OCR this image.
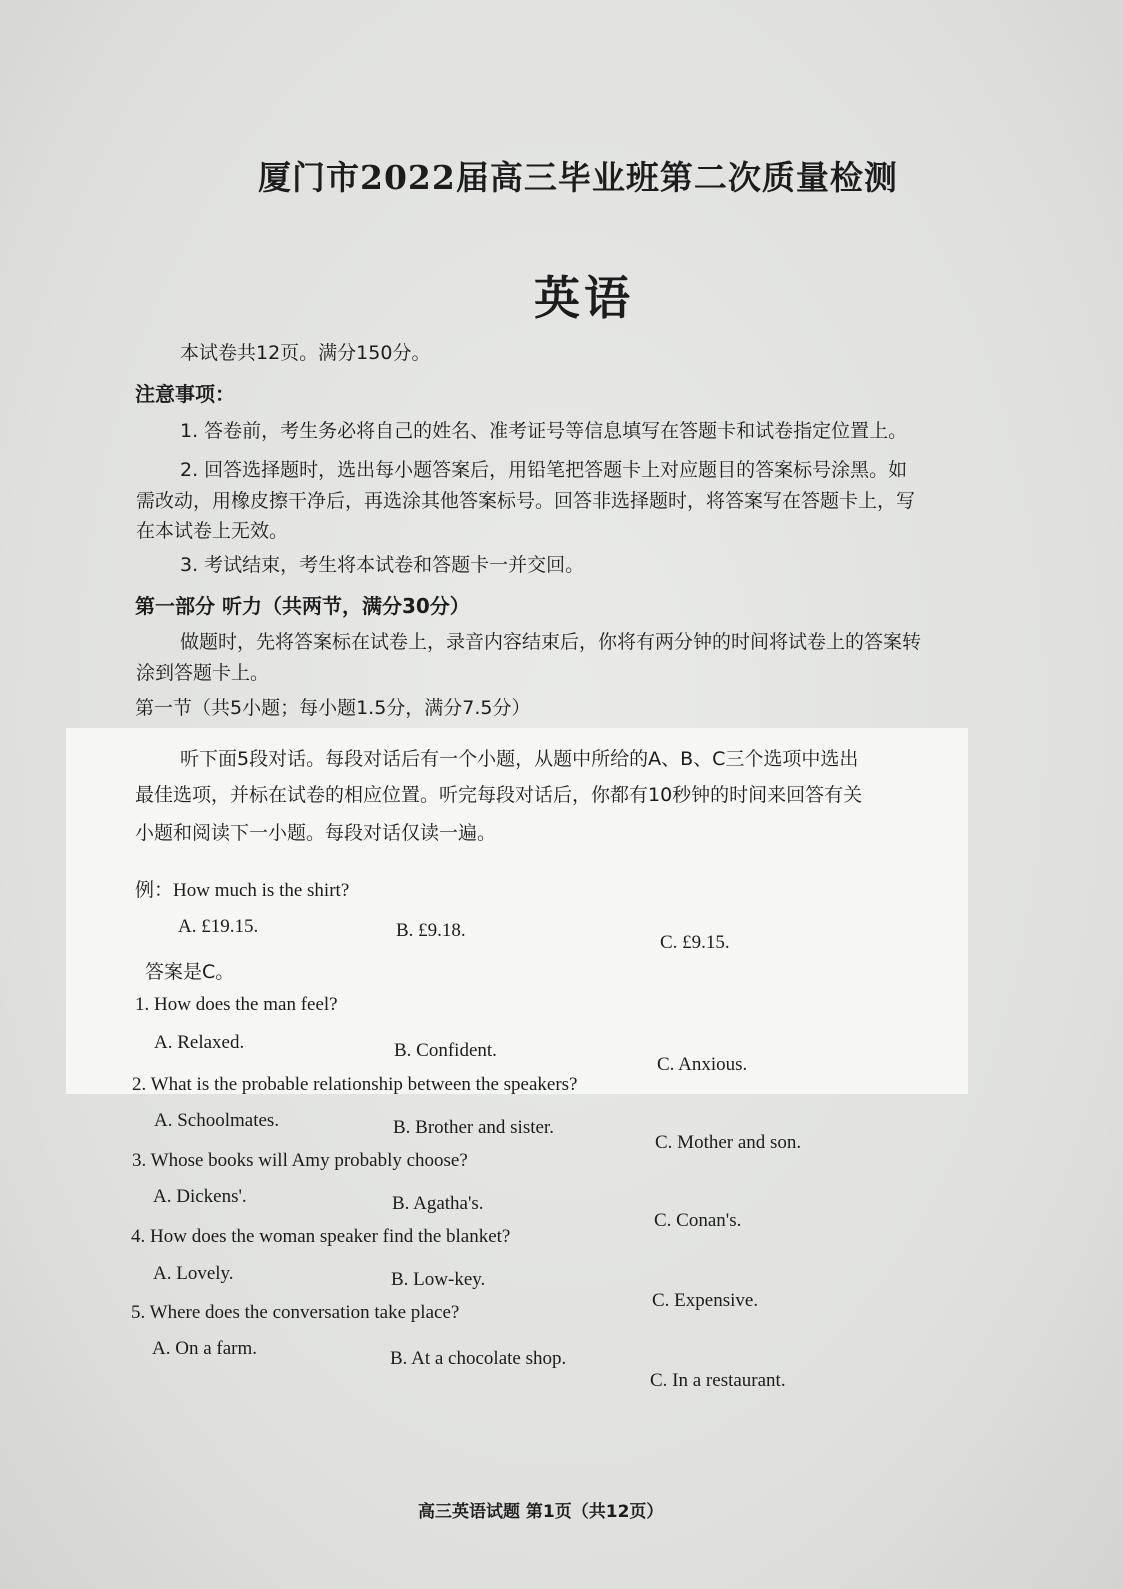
厦门市2022届高三毕业班第二次质量检测
英语
本试卷共12页。满分150分。
注意事项：
1. 答卷前，考生务必将自己的姓名、准考证号等信息填写在答题卡和试卷指定位置上。
2. 回答选择题时，选出每小题答案后，用铅笔把答题卡上对应题目的答案标号涂黑。如
需改动，用橡皮擦干净后，再选涂其他答案标号。回答非选择题时，将答案写在答题卡上，写
在本试卷上无效。
3. 考试结束，考生将本试卷和答题卡一并交回。
第一部分 听力（共两节，满分30分）
做题时，先将答案标在试卷上，录音内容结束后，你将有两分钟的时间将试卷上的答案转
涂到答题卡上。
第一节（共5小题；每小题1.5分，满分7.5分）
听下面5段对话。每段对话后有一个小题，从题中所给的A、B、C三个选项中选出
最佳选项，并标在试卷的相应位置。听完每段对话后，你都有10秒钟的时间来回答有关
小题和阅读下一小题。每段对话仅读一遍。
例：How much is the shirt?
A. £19.15.	B. £9.18.
C. £9.15.
答案是C。
1. How does the man feel?
A. Relaxed.	B. Confident.
C. Anxious.
2. What is the probable relationship between the speakers?
A. Schoolmates.	B. Brother and sister.
C. Mother and son.
3. Whose books will Amy probably choose?
A. Dickens'.	B. Agatha's.
C. Conan's.
4. How does the woman speaker find the blanket?
A. Lovely.	B. Low-key.
C. Expensive.
5. Where does the conversation take place?
A. On a farm.	B. At a chocolate shop.
C. In a restaurant.
高三英语试题 第1页（共12页）
